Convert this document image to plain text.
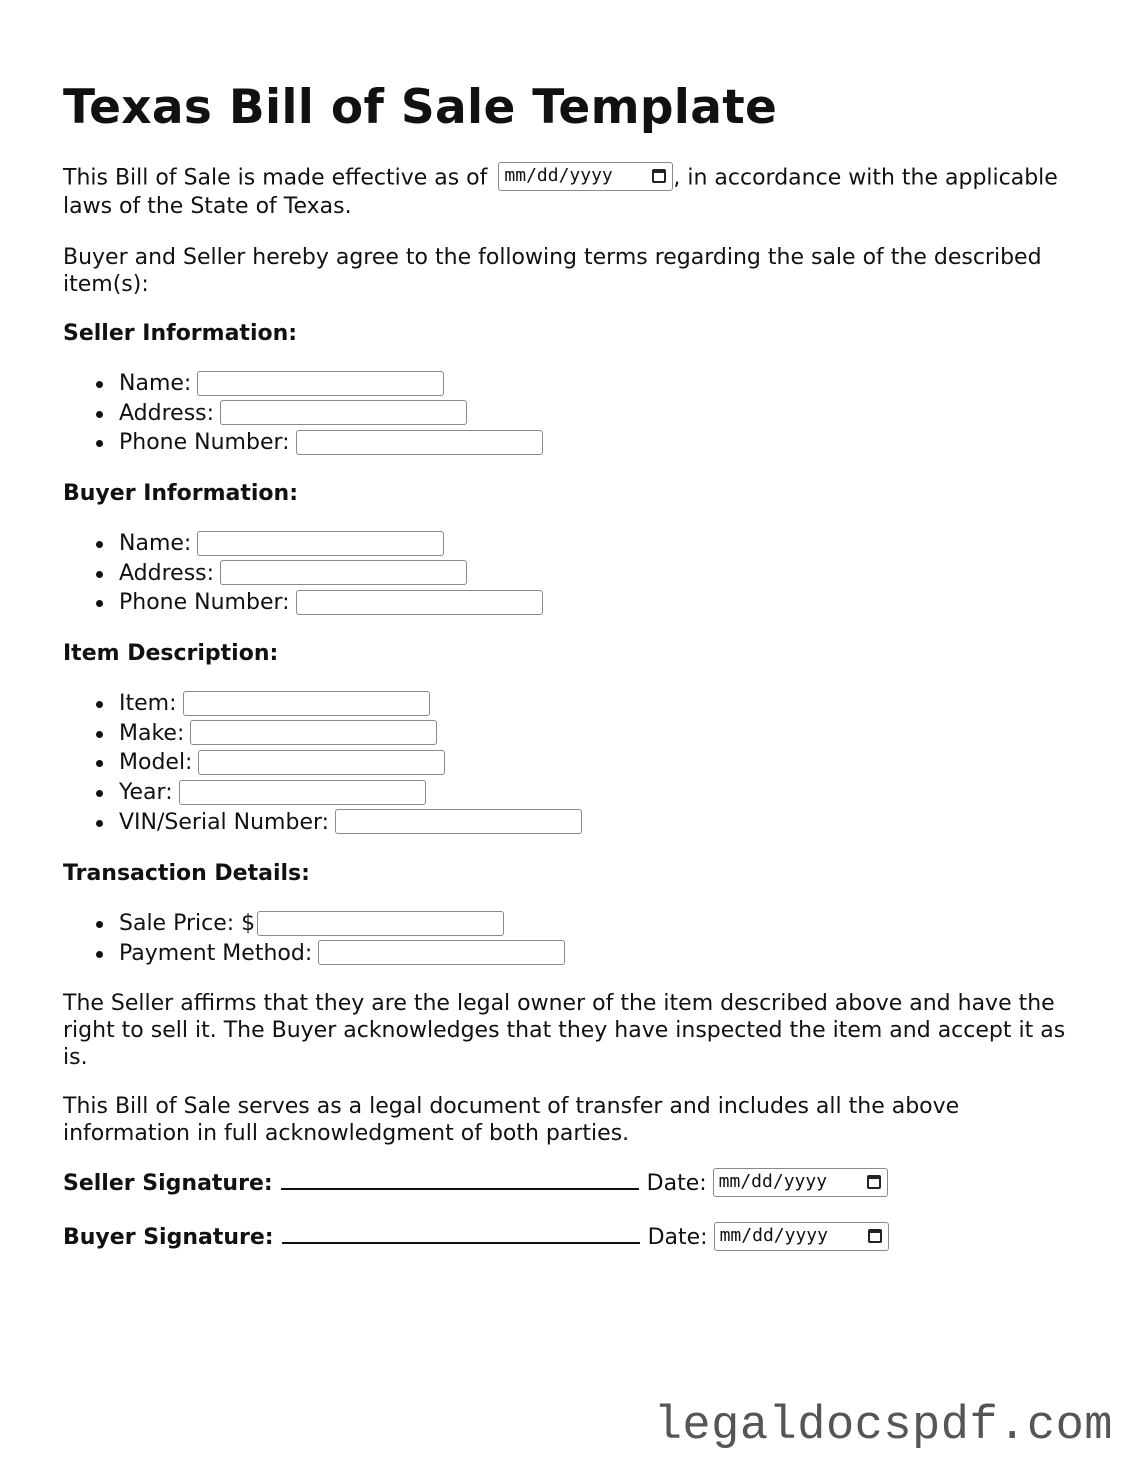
Texas Bill of Sale Template

This Bill of Sale is made effective as of mm/dd/yyyy	, in accordance with the applicable
laws of the State of Texas.

Buyer and Seller hereby agree to the following terms regarding the sale of the described item(s):

Seller Information:

Name:
Address:
Phone Number:

Buyer Information:

Name:
Address:
Phone Number:

Item Description:

Item:
Make:
Model:
Year:
VIN/Serial Number:

Transaction Details:

Sale Price: $
Payment Method:

The Seller affirms that they are the legal owner of the item described above and have the right to sell it. The Buyer acknowledges that they have inspected the item and accept it as is.

This Bill of Sale serves as a legal document of transfer and includes all the above information in full acknowledgment of both parties.

Seller Signature:	Date: mm/dd/yyyy
Buyer Signature:	Date: mm/dd/yyyy
legaldocspdf.com
